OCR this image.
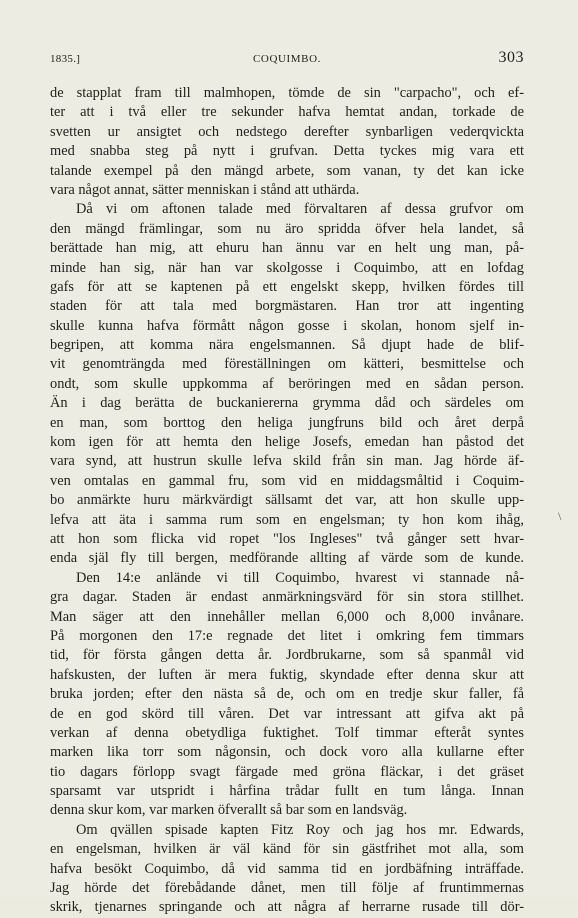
1835.]	COQUIMBO.	303
de stapplat fram till malmhopen, tömde de sin "carpacho", och ef-
ter att i två eller tre sekunder hafva hemtat andan, torkade de
svetten ur ansigtet och nedstego derefter synbarligen vederqvickta
med snabba steg på nytt i grufvan. Detta tyckes mig vara ett
talande exempel på den mängd arbete, som vanan, ty det kan icke
vara något annat, sätter menniskan i stånd att uthärda.
Då vi om aftonen talade med förvaltaren af dessa grufvor om
den mängd främlingar, som nu äro spridda öfver hela landet, så
berättade han mig, att ehuru han ännu var en helt ung man, på-
minde han sig, när han var skolgosse i Coquimbo, att en lofdag
gafs för att se kaptenen på ett engelskt skepp, hvilken fördes till
staden för att tala med borgmästaren. Han tror att ingenting
skulle kunna hafva förmått någon gosse i skolan, honom sjelf in-
begripen, att komma nära engelsmannen. Så djupt hade de blif-
vit genomträngda med föreställningen om kätteri, besmittelse och
ondt, som skulle uppkomma af beröringen med en sådan person.
Än i dag berätta de buckaniererna grymma dåd och särdeles om
en man, som borttog den heliga jungfruns bild och året derpå
kom igen för att hemta den helige Josefs, emedan han påstod det
vara synd, att hustrun skulle lefva skild från sin man. Jag hörde äf-
ven omtalas en gammal fru, som vid en middagsmåltid i Coquim-
bo anmärkte huru märkvärdigt sällsamt det var, att hon skulle upp-
lefva att äta i samma rum som en engelsman; ty hon kom ihåg,
att hon som flicka vid ropet "los Ingleses" två gånger sett hvar-
enda själ fly till bergen, medförande allting af värde som de kunde.
Den 14:e anlände vi till Coquimbo, hvarest vi stannade nå-
gra dagar. Staden är endast anmärkningsvärd för sin stora stillhet.
Man säger att den innehåller mellan 6,000 och 8,000 invånare.
På morgonen den 17:e regnade det litet i omkring fem timmars
tid, för första gången detta år. Jordbrukarne, som så spanmål vid
hafskusten, der luften är mera fuktig, skyndade efter denna skur att
bruka jorden; efter den nästa så de, och om en tredje skur faller, få
de en god skörd till våren. Det var intressant att gifva akt på
verkan af denna obetydliga fuktighet. Tolf timmar efteråt syntes
marken lika torr som någonsin, och dock voro alla kullarne efter
tio dagars förlopp svagt färgade med gröna fläckar, i det gräset
sparsamt var utspridt i hårfina trådar fullt en tum långa. Innan
denna skur kom, var marken öfverallt så bar som en landsväg.
Om qvällen spisade kapten Fitz Roy och jag hos mr. Edwards,
en engelsman, hvilken är väl känd för sin gästfrihet mot alla, som
hafva besökt Coquimbo, då vid samma tid en jordbäfning inträffade.
Jag hörde det förebådande dånet, men till följe af fruntimmernas
skrik, tjenarnes springande och att några af herrarne rusade till dör-
\
